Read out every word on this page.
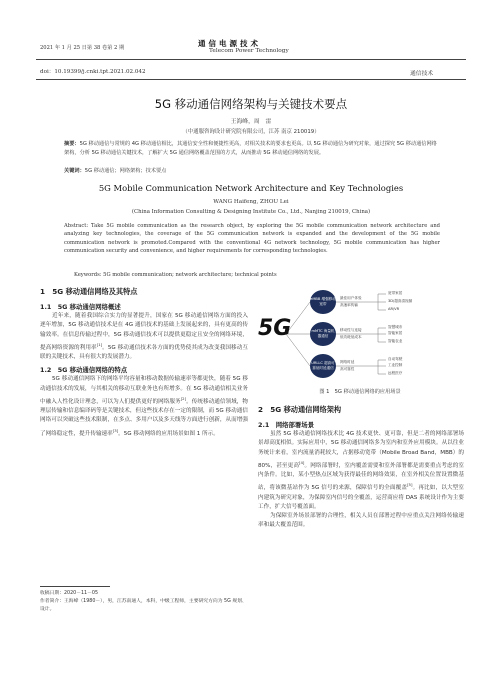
2021 年 1 月 25 日第 38 卷第 2 期	通信电源技术
Telecom Power Technology
doi：10.19399/j.cnki.tpt.2021.02.042	通信技术
5G 移动通信网络架构与关键技术要点
王海峰，周　雷
（中通服咨询设计研究院有限公司，江苏 南京 210019）
摘要：5G 移动通信与常规的 4G 移动通信相比，其通信安全性和便捷性更高，对相关技术的要求也更高。以 5G 移动通信为研究对象，通过探究 5G 移动通信网络架构，分析 5G 移动通信关键技术，了解扩大 5G 通信网络覆盖范围的方式，从而推动 5G 移动通信网络的发展。
关键词：5G 移动通信；网络架构；技术要点
5G Mobile Communication Network Architecture and Key Technologies
WANG Haifeng, ZHOU Lei
(China Information Consulting & Designing Institute Co., Ltd., Nanjing 210019, China)
Abstract: Take 5G mobile communication as the research object, by exploring the 5G mobile communication network architecture and analyzing key technologies, the coverage of the 5G communication network is expanded and the development of the 5G mobile communication network is promoted.Compared with the conventional 4G network technology, 5G mobile communication has higher communication security and convenience, and higher requirements for corresponding technologies.
Keywords: 5G mobile communication; network architecture; technical points
1　5G 移动通信网络及其特点
1.1　5G 移动通信网络概述

近年来，随着我国综合实力的显著提升，国家在 5G 移动通信网络方面的投入逐年增加，5G 移动通信技术是在 4G 通信技术的基础上发展起来的，具有更高的传输效率。在信息传输过程中，5G 移动通信技术可以提供更稳定且安全的网络环境，提高网络资源的利用率[1]。5G 移动通信技术各方面的优势使其成为改变我国移动互联的关键技术，具有很大的发展潜力。

1.2　5G 移动通信网络的特点

5G 移动通信网络下的网络平均容量和移动数据传输速率等都更快，随着 5G 移动通信技术的发展，与其相关的移动互联业务也有所增多。在 5G 移动通信相关业务中融入人性化设计理念，可以为人们提供更好的网络服务[2]。传统移动通信领域，物理层传输和信息编译码等是关键技术，但这些技术存在一定的限制，而 5G 移动通信网络可以突破这些技术限制，在多点、多用户以及多天线等方面进行创新，从而增强了网络稳定性，提升传输速率[3]。5G 移动网络的应用场景如图 1 所示。

收稿日期：2020－11－05
作者简介：王海峰（1980－），男，江苏南通人，本科，中级工程师，主要研究方向为 5G 规划、设计。
5G
eMBB 增强移动宽带
mMTC 海量机器通信
URLLC 超高可靠低时延通信
最佳用户体验
高速率传输
移动性与连接
低功耗低成本
网络时延
高可靠性
宽带家居
3D/超高清视频
AR/VR
智慧城市
智能家居
智能农业
自动驾驶
工业控制
远程医疗
图 1　5G 移动通信网络的应用场景
2　5G 移动通信网络架构
2.1　网络部署场景

虽然 5G 移动通信网络技术比 4G 技术更快、更可靠，但是二者的网络部署场景却高度相似。实际应用中，5G 移动通信网络多为室内和室外应用模块。从以往业务统计来看，室内流量消耗较大，占据移动宽带（Mobile Broad Band，MBB）的 80%，甚至更高[4]。网络部署时，室内覆盖需要和室外部署都是需要重点考虑的室内条件。比如，某小型热点区域为获得最佳的网络效果，在室外相关位置设置微基站，将该微基站作为 5G 信号的来源，保障信号的全面覆盖[5]。再比如，以大型室内建筑为研究对象，为保障室内信号的全覆盖，运营商应将 DAS 系统设计作为主要工作，扩大信号覆盖面。

为保障室外场景部署的合理性，相关人员在部署过程中应重点关注网络传输速率和最大覆盖范围。
